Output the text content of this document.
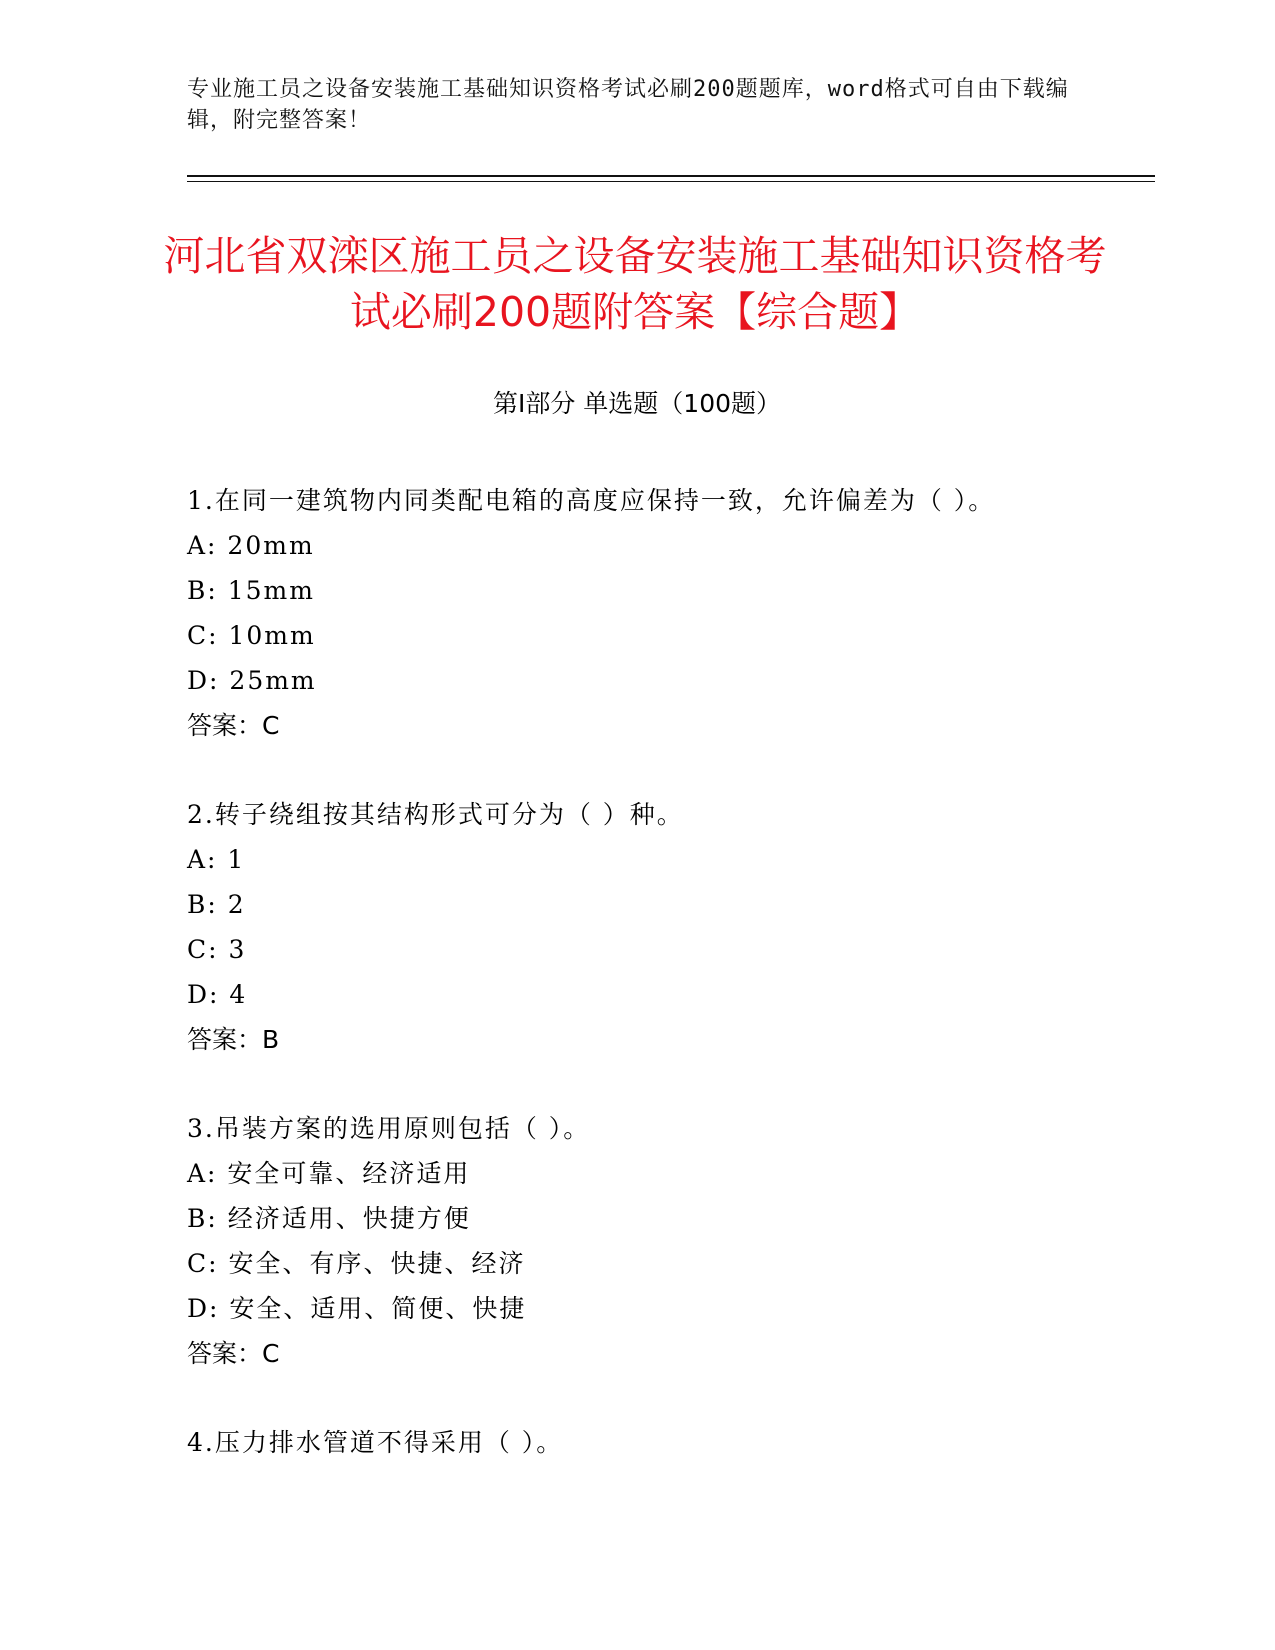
专业施工员之设备安装施工基础知识资格考试必刷200题题库，word格式可自由下载编辑，附完整答案！
河北省双滦区施工员之设备安装施工基础知识资格考试必刷200题附答案【综合题】
第I部分 单选题（100题）
1.在同一建筑物内同类配电箱的高度应保持一致，允许偏差为（ ）。
A: 20mm
B: 15mm
C: 10mm
D: 25mm
答案：C
2.转子绕组按其结构形式可分为（ ）种。
A: 1
B: 2
C: 3
D: 4
答案：B
3.吊装方案的选用原则包括（ ）。
A: 安全可靠、经济适用
B: 经济适用、快捷方便
C: 安全、有序、快捷、经济
D: 安全、适用、简便、快捷
答案：C
4.压力排水管道不得采用（ ）。
